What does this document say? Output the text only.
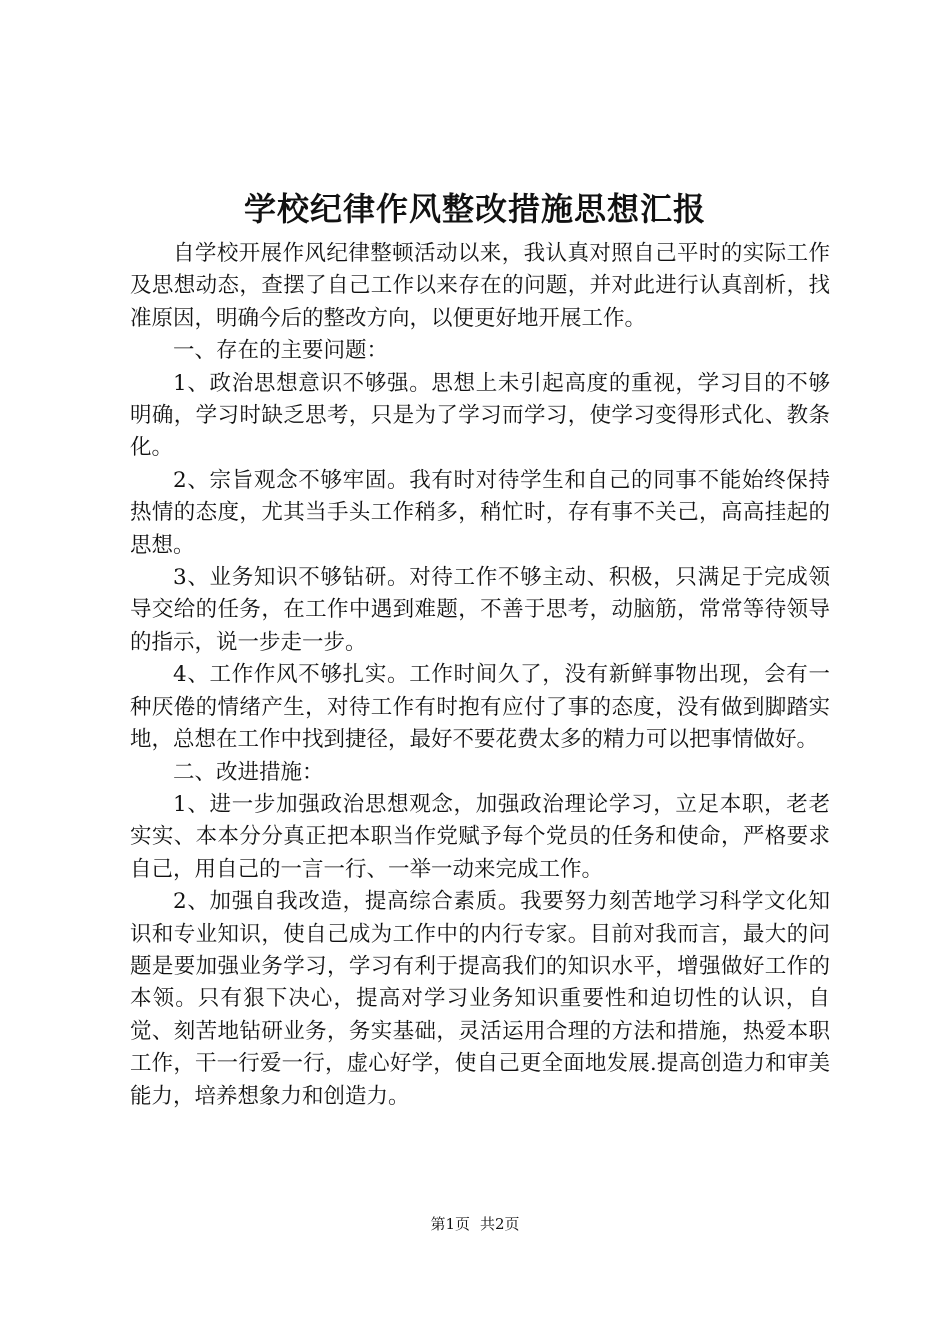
学校纪律作风整改措施思想汇报

自学校开展作风纪律整顿活动以来，我认真对照自己平时的实际工作及思想动态，查摆了自己工作以来存在的问题，并对此进行认真剖析，找准原因，明确今后的整改方向，以便更好地开展工作。

一、存在的主要问题：

1、政治思想意识不够强。思想上未引起高度的重视，学习目的不够明确，学习时缺乏思考，只是为了学习而学习，使学习变得形式化、教条化。

2、宗旨观念不够牢固。我有时对待学生和自己的同事不能始终保持热情的态度，尤其当手头工作稍多，稍忙时，存有事不关己，高高挂起的思想。

3、业务知识不够钻研。对待工作不够主动、积极，只满足于完成领导交给的任务，在工作中遇到难题，不善于思考，动脑筋，常常等待领导的指示，说一步走一步。

4、工作作风不够扎实。工作时间久了，没有新鲜事物出现，会有一种厌倦的情绪产生，对待工作有时抱有应付了事的态度，没有做到脚踏实地，总想在工作中找到捷径，最好不要花费太多的精力可以把事情做好。

二、改进措施：

1、进一步加强政治思想观念，加强政治理论学习，立足本职，老老实实、本本分分真正把本职当作党赋予每个党员的任务和使命，严格要求自己，用自己的一言一行、一举一动来完成工作。

2、加强自我改造，提高综合素质。我要努力刻苦地学习科学文化知识和专业知识，使自己成为工作中的内行专家。目前对我而言，最大的问题是要加强业务学习，学习有利于提高我们的知识水平，增强做好工作的本领。只有狠下决心，提高对学习业务知识重要性和迫切性的认识，自觉、刻苦地钻研业务，务实基础，灵活运用合理的方法和措施，热爱本职工作，干一行爱一行，虚心好学，使自己更全面地发展.提高创造力和审美能力，培养想象力和创造力。

第1页 共2页
